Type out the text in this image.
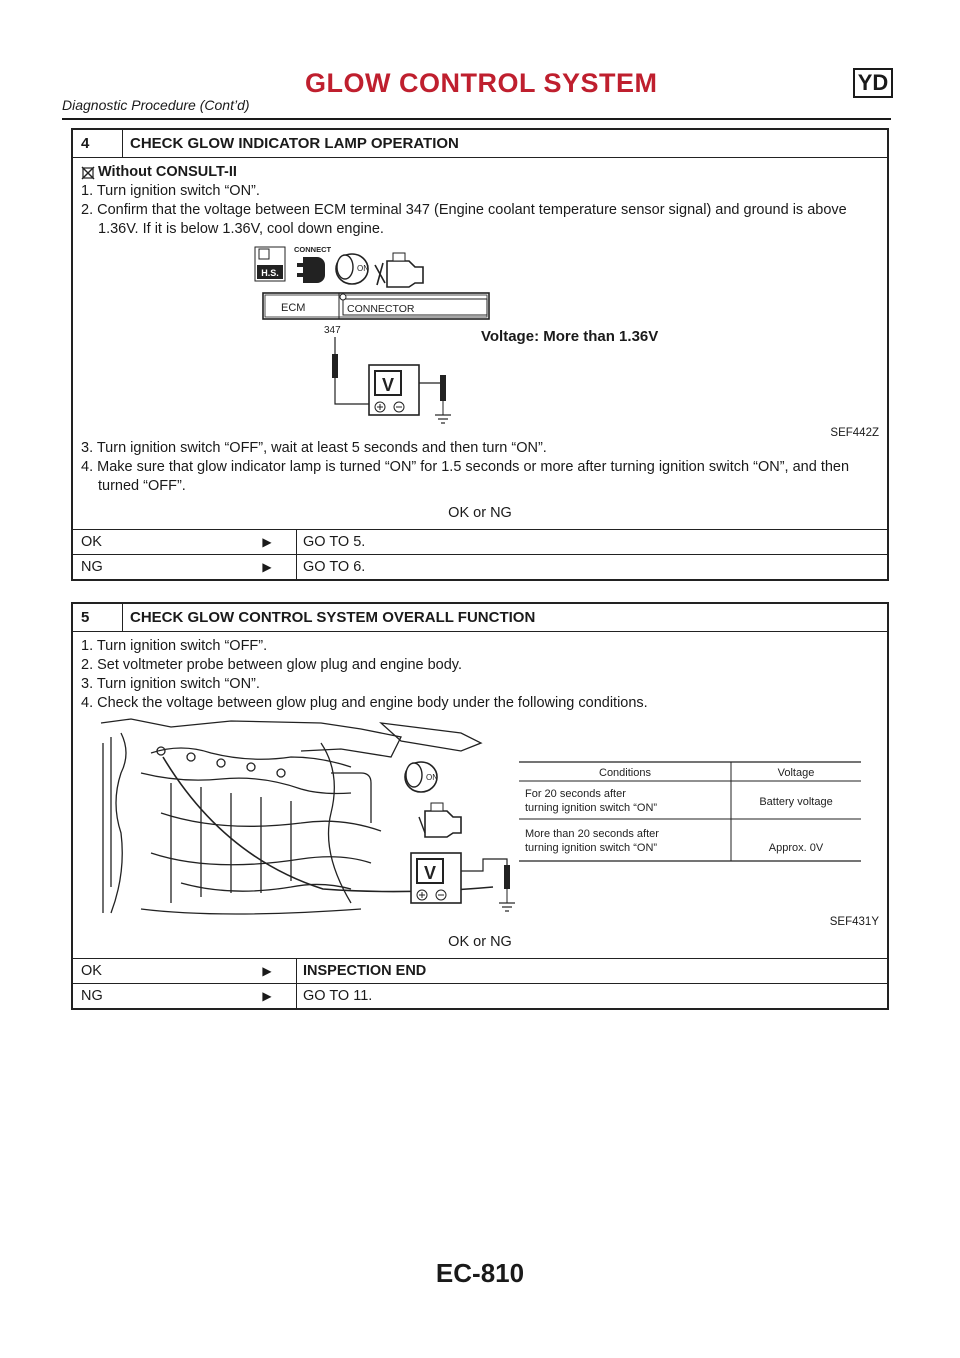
GLOW CONTROL SYSTEM	YD
Diagnostic Procedure (Cont’d)
4	CHECK GLOW INDICATOR LAMP OPERATION
Without CONSULT-II
1. Turn ignition switch “ON”.
2. Confirm that the voltage between ECM terminal 347 (Engine coolant temperature sensor signal) and ground is above 1.36V. If it is below 1.36V, cool down engine.
H.S.
CONNECT
ON
ECM	CONNECTOR
347
V
Voltage: More than 1.36V
SEF442Z
3. Turn ignition switch “OFF”, wait at least 5 seconds and then turn “ON”.
4. Make sure that glow indicator lamp is turned “ON” for 1.5 seconds or more after turning ignition switch “ON”, and then turned “OFF”.
OK or NG
OK	▶	GO TO 5.
NG	▶	GO TO 6.
5	CHECK GLOW CONTROL SYSTEM OVERALL FUNCTION
1. Turn ignition switch “OFF”.
2. Set voltmeter probe between glow plug and engine body.
3. Turn ignition switch “ON”.
4. Check the voltage between glow plug and engine body under the following conditions.
ON
V
Conditions	Voltage
For 20 seconds after
turning ignition switch “ON”	Battery voltage
More than 20 seconds after
turning ignition switch “ON”	Approx. 0V
SEF431Y
OK or NG
OK	▶	INSPECTION END
NG	▶	GO TO 11.
EC-810
